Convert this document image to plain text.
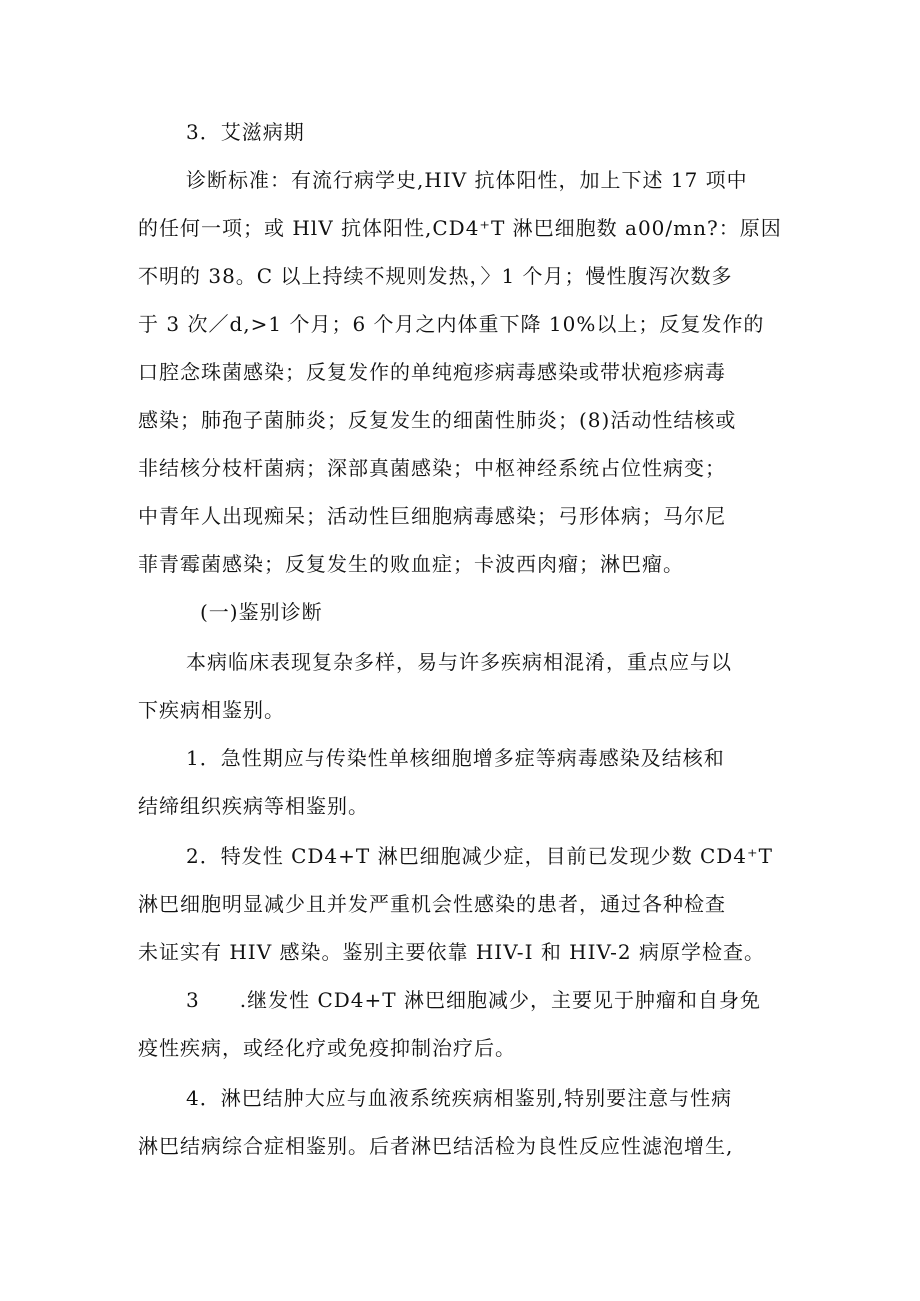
3．艾滋病期
诊断标准：有流行病学史,HIV 抗体阳性，加上下述 17 项中
的任何一项；或 HlV 抗体阳性,CD4⁺T 淋巴细胞数 a00/mn?：原因
不明的 38。C 以上持续不规则发热，〉1 个月；慢性腹泻次数多
于 3 次／d,>1 个月；6 个月之内体重下降 10%以上；反复发作的
口腔念珠菌感染；反复发作的单纯疱疹病毒感染或带状疱疹病毒
感染；肺孢子菌肺炎；反复发生的细菌性肺炎；(8)活动性结核或
非结核分枝杆菌病；深部真菌感染；中枢神经系统占位性病变；
中青年人出现痴呆；活动性巨细胞病毒感染；弓形体病；马尔尼
菲青霉菌感染；反复发生的败血症；卡波西肉瘤；淋巴瘤。
(一)鉴别诊断
本病临床表现复杂多样，易与许多疾病相混淆，重点应与以
下疾病相鉴别。
1．急性期应与传染性单核细胞增多症等病毒感染及结核和
结缔组织疾病等相鉴别。
2．特发性 CD4+T 淋巴细胞减少症，目前已发现少数 CD4⁺T
淋巴细胞明显减少且并发严重机会性感染的患者，通过各种检查
未证实有 HIV 感染。鉴别主要依靠 HIV-I 和 HIV-2 病原学检查。
3 .继发性 CD4+T 淋巴细胞减少，主要见于肿瘤和自身免
疫性疾病，或经化疗或免疫抑制治疗后。
4．淋巴结肿大应与血液系统疾病相鉴别,特别要注意与性病
淋巴结病综合症相鉴别。后者淋巴结活检为良性反应性滤泡增生,
